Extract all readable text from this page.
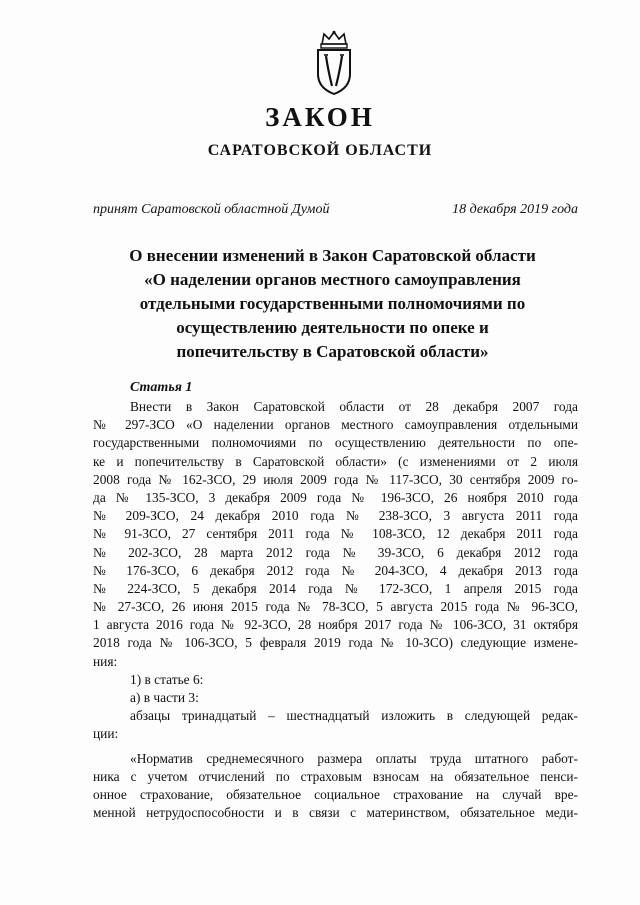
ЗАКОН
САРАТОВСКОЙ ОБЛАСТИ
принят Саратовской областной Думой	18 декабря 2019 года
О внесении изменений в Закон Саратовской области
«О наделении органов местного самоуправления
отдельными государственными полномочиями по
осуществлению деятельности по опеке и
попечительству в Саратовской области»
Статья 1
Внести в Закон Саратовской области от 28 декабря 2007 года
№ 297-ЗСО «О наделении органов местного самоуправления отдельными
государственными полномочиями по осуществлению деятельности по опе-
ке и попечительству в Саратовской области» (с изменениями от 2 июля
2008 года № 162-ЗСО, 29 июля 2009 года № 117-ЗСО, 30 сентября 2009 го-
да № 135-ЗСО, 3 декабря 2009 года № 196-ЗСО, 26 ноября 2010 года
№ 209-ЗСО, 24 декабря 2010 года № 238-ЗСО, 3 августа 2011 года
№ 91-ЗСО, 27 сентября 2011 года № 108-ЗСО, 12 декабря 2011 года
№ 202-ЗСО, 28 марта 2012 года № 39-ЗСО, 6 декабря 2012 года
№ 176-ЗСО, 6 декабря 2012 года № 204-ЗСО, 4 декабря 2013 года
№ 224-ЗСО, 5 декабря 2014 года № 172-ЗСО, 1 апреля 2015 года
№ 27-ЗСО, 26 июня 2015 года № 78-ЗСО, 5 августа 2015 года № 96-ЗСО,
1 августа 2016 года № 92-ЗСО, 28 ноября 2017 года № 106-ЗСО, 31 октября
2018 года № 106-ЗСО, 5 февраля 2019 года № 10-ЗСО) следующие измене-
ния:
1) в статье 6:
а) в части 3:
абзацы тринадцатый – шестнадцатый изложить в следующей редак-
ции:
«Норматив среднемесячного размера оплаты труда штатного работ-
ника с учетом отчислений по страховым взносам на обязательное пенси-
онное страхование, обязательное социальное страхование на случай вре-
менной нетрудоспособности и в связи с материнством, обязательное меди-
